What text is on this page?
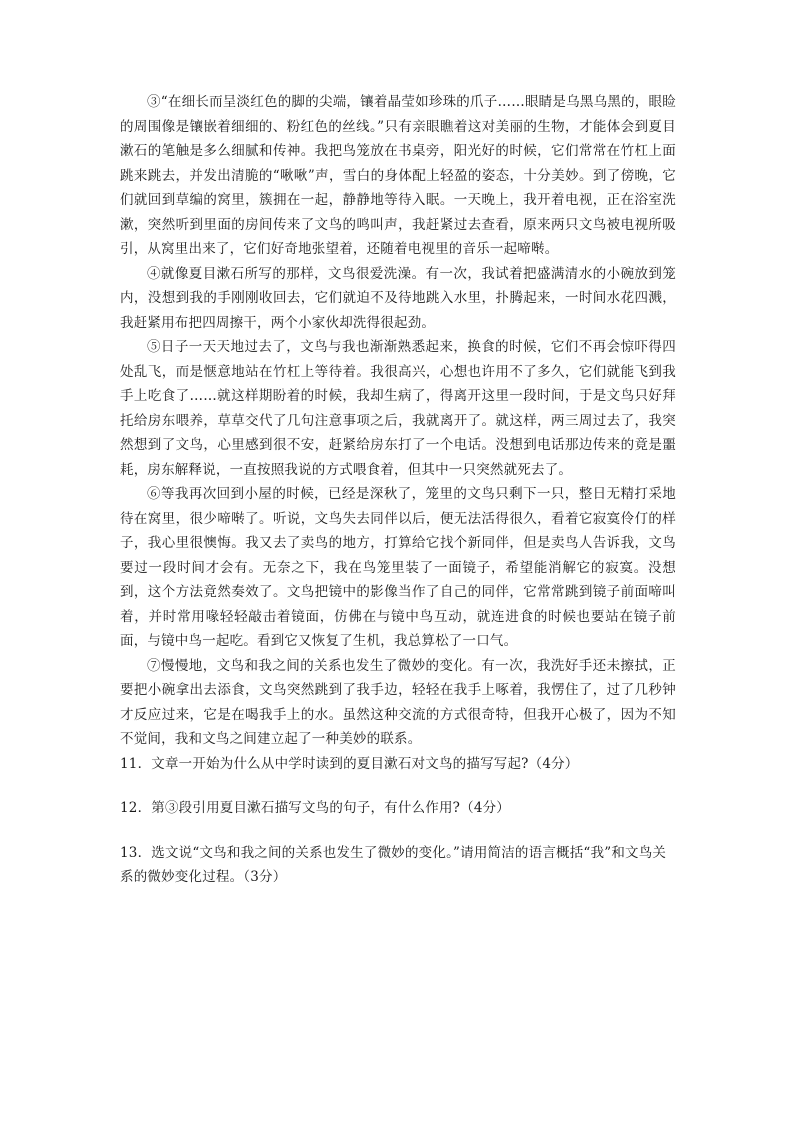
③“在细长而呈淡红色的脚的尖端，镶着晶莹如珍珠的爪子……眼睛是乌黑乌黑的，眼睑的周围像是镶嵌着细细的、粉红色的丝线。”只有亲眼瞧着这对美丽的生物，才能体会到夏目漱石的笔触是多么细腻和传神。我把鸟笼放在书桌旁，阳光好的时候，它们常常在竹杠上面跳来跳去，并发出清脆的“啾啾”声，雪白的身体配上轻盈的姿态，十分美妙。到了傍晚，它们就回到草编的窝里，簇拥在一起，静静地等待入眠。一天晚上，我开着电视，正在浴室洗漱，突然听到里面的房间传来了文鸟的鸣叫声，我赶紧过去查看，原来两只文鸟被电视所吸引，从窝里出来了，它们好奇地张望着，还随着电视里的音乐一起啼啭。

④就像夏目漱石所写的那样，文鸟很爱洗澡。有一次，我试着把盛满清水的小碗放到笼内，没想到我的手刚刚收回去，它们就迫不及待地跳入水里，扑腾起来，一时间水花四溅，我赶紧用布把四周擦干，两个小家伙却洗得很起劲。

⑤日子一天天地过去了，文鸟与我也渐渐熟悉起来，换食的时候，它们不再会惊吓得四处乱飞，而是惬意地站在竹杠上等待着。我很高兴，心想也许用不了多久，它们就能飞到我手上吃食了……就这样期盼着的时候，我却生病了，得离开这里一段时间，于是文鸟只好拜托给房东喂养，草草交代了几句注意事项之后，我就离开了。就这样，两三周过去了，我突然想到了文鸟，心里感到很不安，赶紧给房东打了一个电话。没想到电话那边传来的竟是噩耗，房东解释说，一直按照我说的方式喂食着，但其中一只突然就死去了。

⑥等我再次回到小屋的时候，已经是深秋了，笼里的文鸟只剩下一只，整日无精打采地待在窝里，很少啼啭了。听说，文鸟失去同伴以后，便无法活得很久，看着它寂寞伶仃的样子，我心里很懊悔。我又去了卖鸟的地方，打算给它找个新同伴，但是卖鸟人告诉我，文鸟要过一段时间才会有。无奈之下，我在鸟笼里装了一面镜子，希望能消解它的寂寞。没想到，这个方法竟然奏效了。文鸟把镜中的影像当作了自己的同伴，它常常跳到镜子前面啼叫着，并时常用喙轻轻敲击着镜面，仿佛在与镜中鸟互动，就连进食的时候也要站在镜子前面，与镜中鸟一起吃。看到它又恢复了生机，我总算松了一口气。

⑦慢慢地，文鸟和我之间的关系也发生了微妙的变化。有一次，我洗好手还未擦拭，正要把小碗拿出去添食，文鸟突然跳到了我手边，轻轻在我手上啄着，我愣住了，过了几秒钟才反应过来，它是在喝我手上的水。虽然这种交流的方式很奇特，但我开心极了，因为不知不觉间，我和文鸟之间建立起了一种美妙的联系。

11．文章一开始为什么从中学时读到的夏目漱石对文鸟的描写写起?（4分）

12．第③段引用夏目漱石描写文鸟的句子，有什么作用?（4分）

13．选文说“文鸟和我之间的关系也发生了微妙的变化。”请用简洁的语言概括“我”和文鸟关系的微妙变化过程。（3分）
